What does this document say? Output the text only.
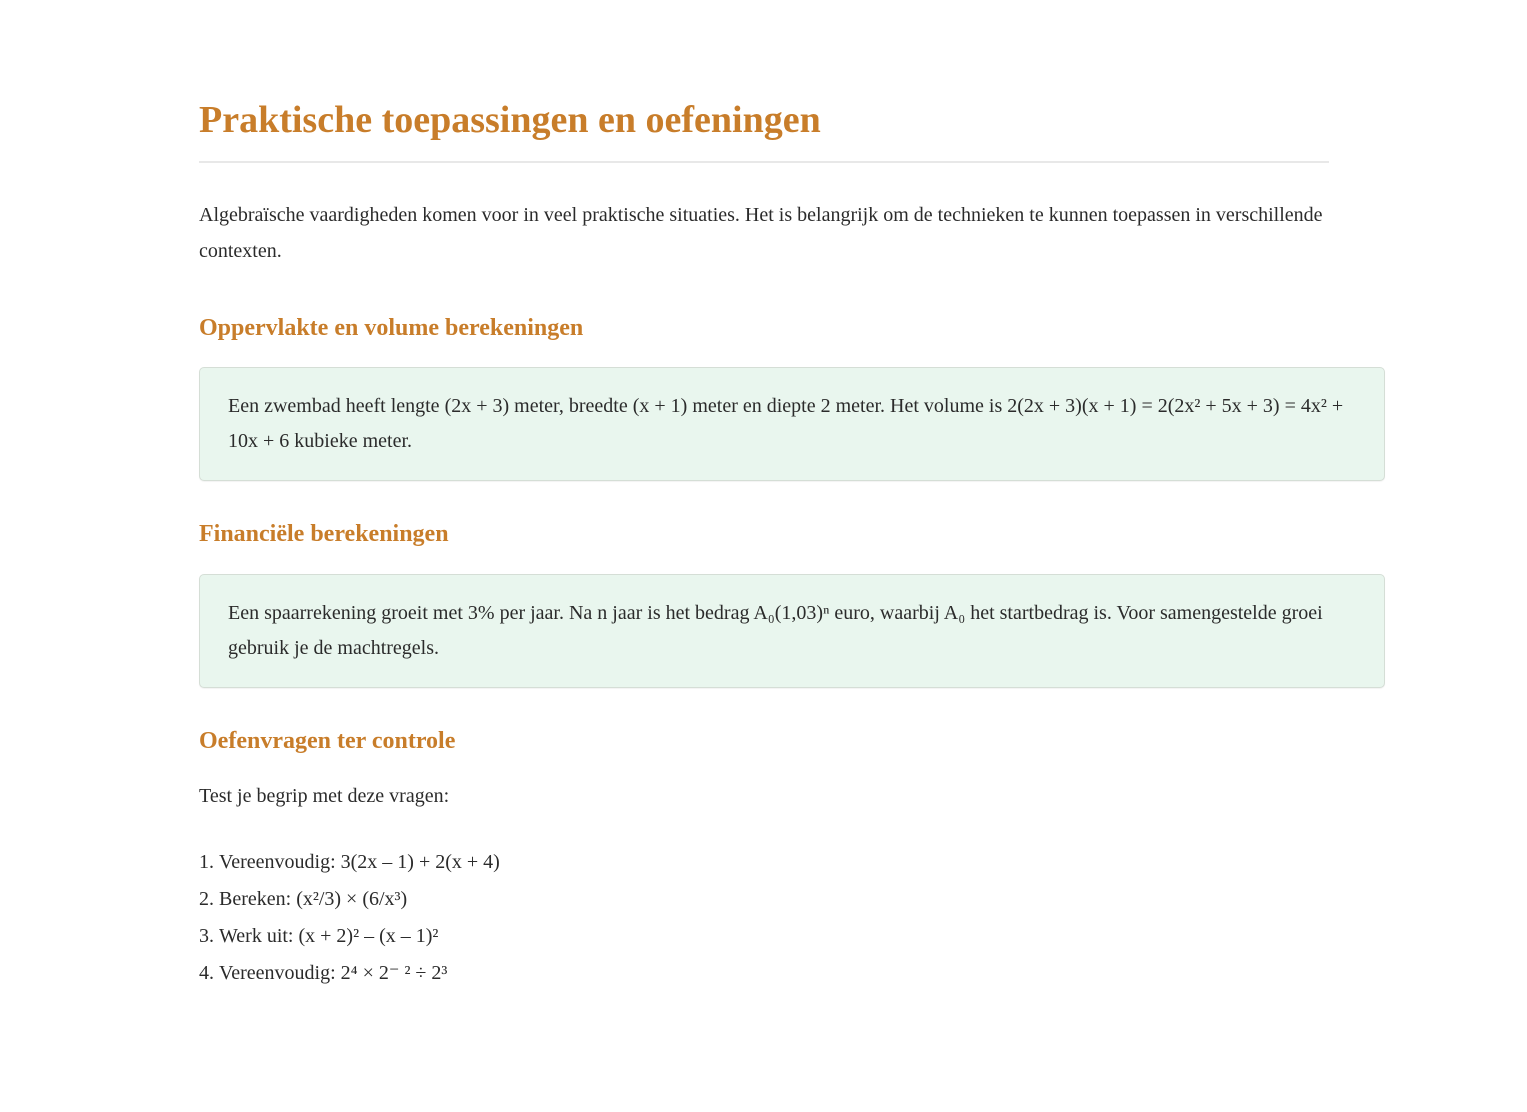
Praktische toepassingen en oefeningen

Algebraïsche vaardigheden komen voor in veel praktische situaties. Het is belangrijk om de technieken te kunnen toepassen in verschillende contexten.

Oppervlakte en volume berekeningen

Een zwembad heeft lengte (2x + 3) meter, breedte (x + 1) meter en diepte 2 meter. Het volume is 2(2x + 3)(x + 1) = 2(2x² + 5x + 3) = 4x² + 10x + 6 kubieke meter.

Financiële berekeningen

Een spaarrekening groeit met 3% per jaar. Na n jaar is het bedrag A₀(1,03)ⁿ euro, waarbij A₀ het startbedrag is. Voor samengestelde groei gebruik je de machtregels.

Oefenvragen ter controle

Test je begrip met deze vragen:

1. Vereenvoudig: 3(2x – 1) + 2(x + 4)
2. Bereken: (x²/3) × (6/x³)
3. Werk uit: (x + 2)² – (x – 1)²
4. Vereenvoudig: 2⁴ × 2⁻ ² ÷ 2³
